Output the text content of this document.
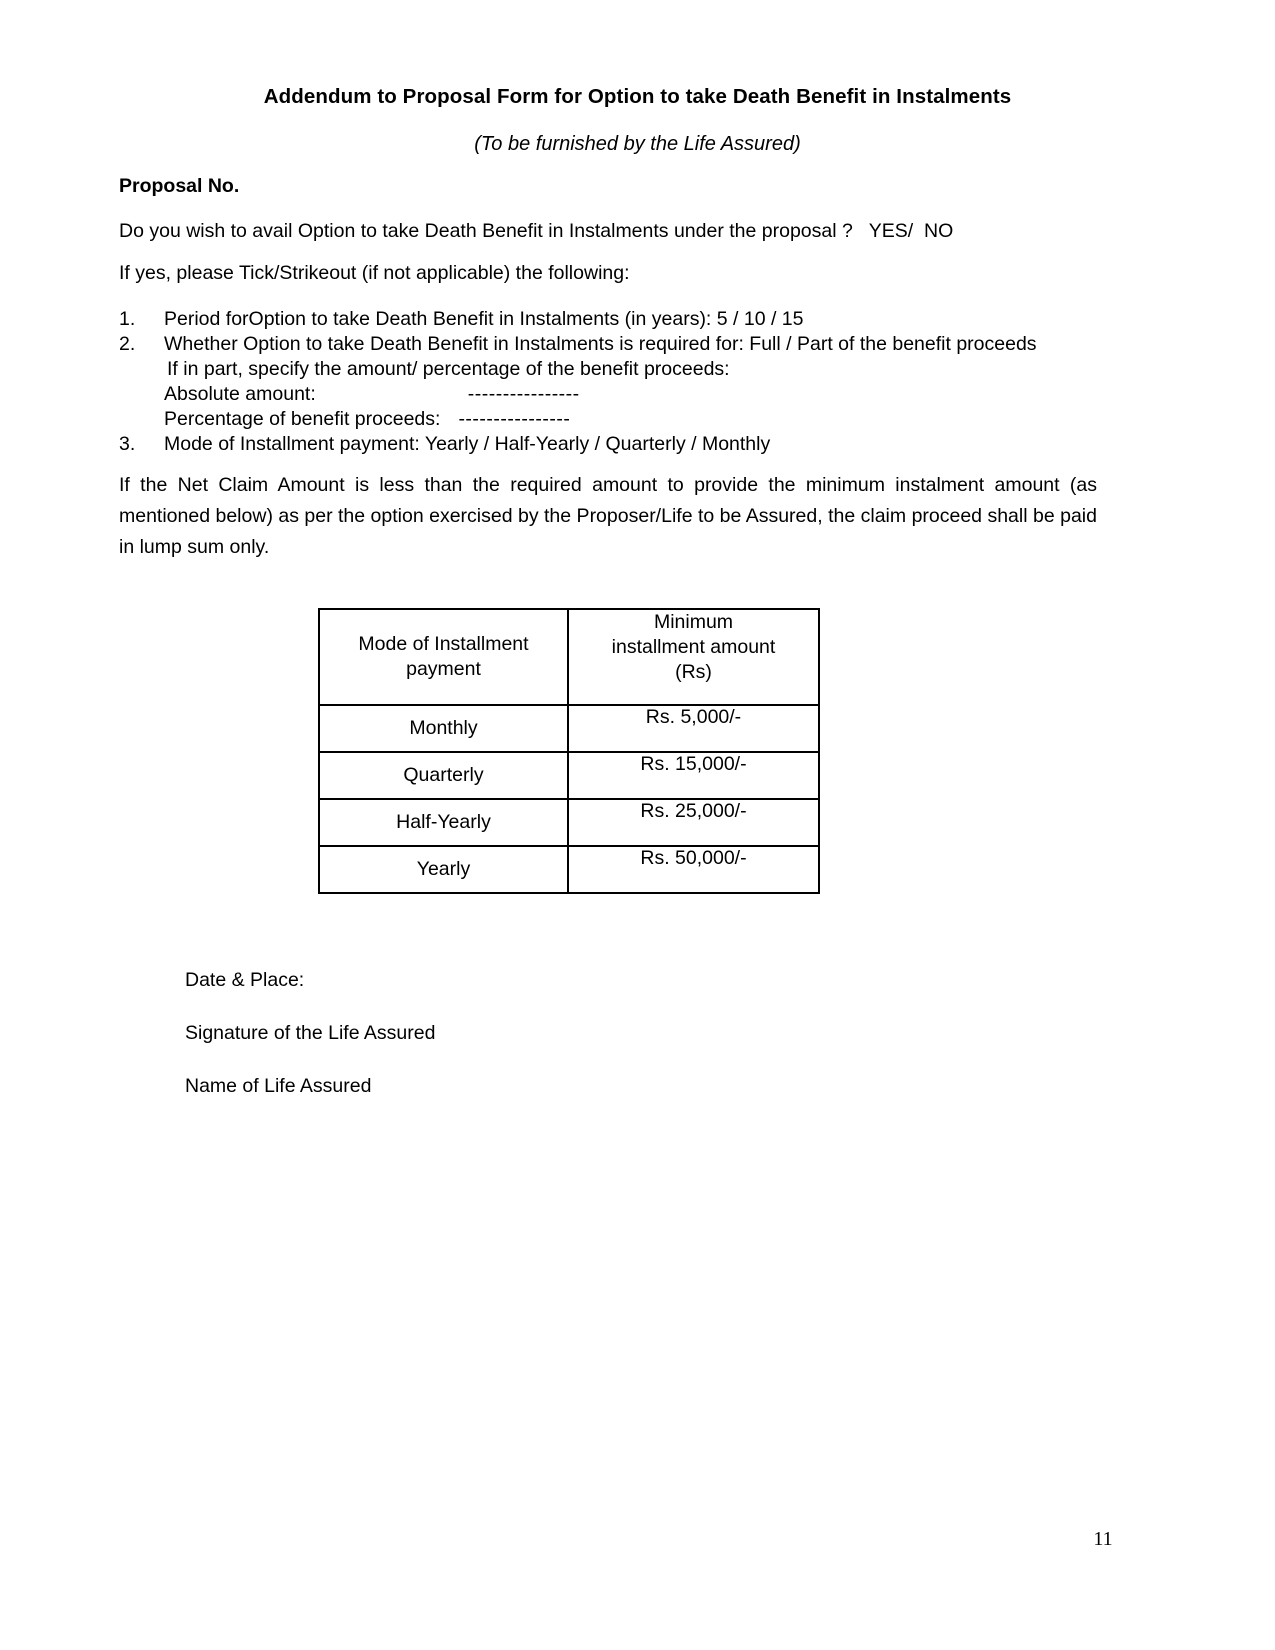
Addendum to Proposal Form for Option to take Death Benefit in Instalments
(To be furnished by the Life Assured)
Proposal No.
Do you wish to avail Option to take Death Benefit in Instalments under the proposal ?   YES/  NO
If yes, please Tick/Strikeout (if not applicable) the following:
1.	Period forOption to take Death Benefit in Instalments (in years): 5 / 10 / 15
2.	Whether Option to take Death Benefit in Instalments is required for: Full / Part of the benefit proceeds
If in part, specify the amount/ percentage of the benefit proceeds:
Absolute amount:	----------------
Percentage of benefit proceeds: ----------------
3.	Mode of Installment payment: Yearly / Half-Yearly / Quarterly / Monthly
If the Net Claim Amount is less than the required amount to provide the minimum instalment amount (as mentioned below) as per the option exercised by the Proposer/Life to be Assured, the claim proceed shall be paid in lump sum only.
Mode of Installment payment	Minimum
installment amount
(Rs)

Monthly	Rs. 5,000/-
Quarterly	Rs. 15,000/-
Half-Yearly	Rs. 25,000/-
Yearly	Rs. 50,000/-
Date & Place:
Signature of the Life Assured
Name of Life Assured
11
